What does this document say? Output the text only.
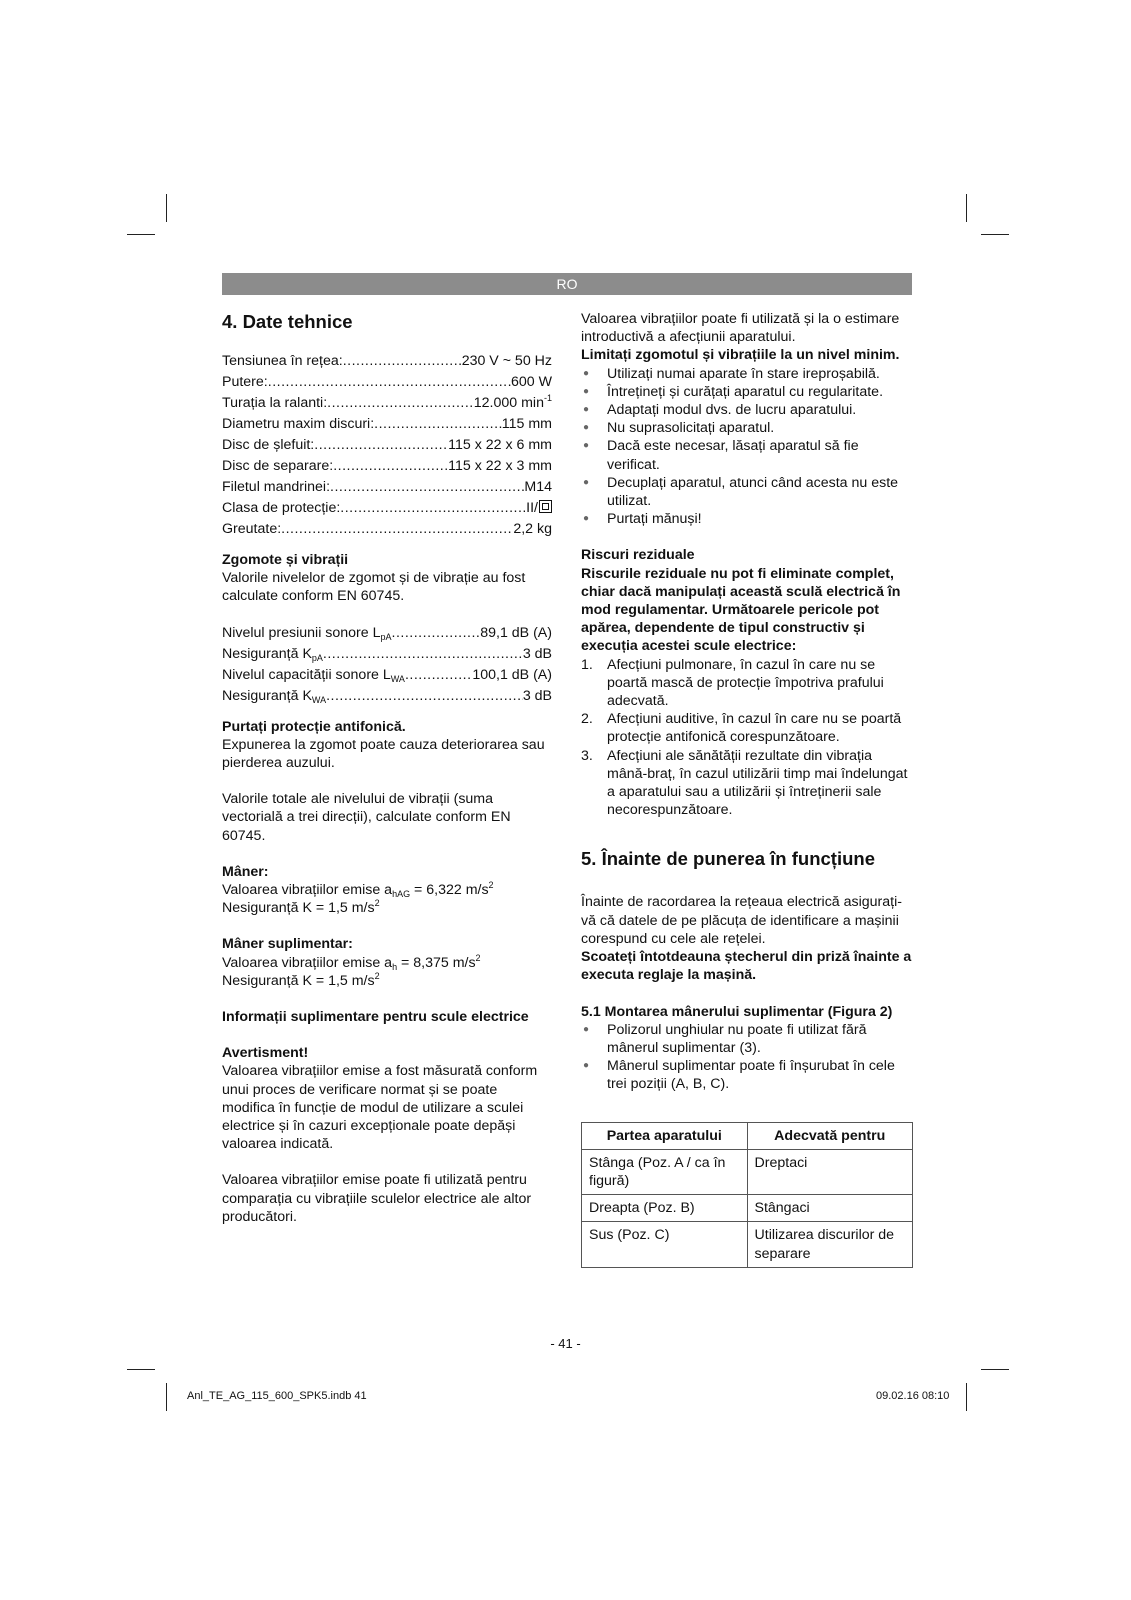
RO
4. Date tehnice
Tensiunea în rețea: .....	230 V ~ 50 Hz
Putere: .....	600 W
Turația la ralanti: .....	12.000 $\min^{-1}$
Diametru maxim discuri: .....	115 mm
Disc de șlefuit: .....	115 x 22 x 6 mm
Disc de separare: .....	115 x 22 x 3 mm
Filetul mandrinei: .....	M14
Clasa de protecție: .....	II/
Greutate: .....	2,2 kg

Zgomote și vibrații

Valorile nivelelor de zgomot și de vibrație au fost calculate conform EN 60745.

Nivelul presiunii sonore $L_{pA}$ .....	89,1 dB (A)
Nesiguranță $K_{pA}$ .....	3 dB
Nivelul capacității sonore $L_{WA}$ .....	100,1 dB (A)
Nesiguranță $K_{WA}$ .....	3 dB

Purtați protecție antifonică.

Expunerea la zgomot poate cauza deteriorarea sau pierderea auzului.

Valorile totale ale nivelului de vibrații (suma vectorială a trei direcții), calculate conform EN 60745.

Mâner:

Valoarea vibrațiilor emise $a_{hAG} = 6,322$ $m/s^2$

Nesiguranță K = 1,5 $m/s^2$

Mâner suplimentar:

Valoarea vibrațiilor emise $a_h = 8,375$ $m/s^2$

Nesiguranță K = 1,5 $m/s^2$

Informații suplimentare pentru scule electrice

Avertisment!

Valoarea vibrațiilor emise a fost măsurată conform unui proces de verificare normat și se poate modifica în funcție de modul de utilizare a sculei electrice și în cazuri excepționale poate depăși valoarea indicată.

Valoarea vibrațiilor emise poate fi utilizată pentru comparația cu vibrațiile sculelor electrice ale altor producători.

Valoarea vibrațiilor poate fi utilizată și la o estimare introductivă a afecțiunii aparatului.

Limitați zgomotul și vibrațiile la un nivel minim.

● Utilizați numai aparate în stare ireproșabilă.
● Întrețineți și curățați aparatul cu regularitate.
● Adaptați modul dvs. de lucru aparatului.
● Nu suprasolicitați aparatul.
● Dacă este necesar, lăsați aparatul să fie verificat.
● Decuplați aparatul, atunci când acesta nu este utilizat.
● Purtați mănuși!

Riscuri reziduale

Riscurile reziduale nu pot fi eliminate complet, chiar dacă manipulați această sculă electrică în mod regulamentar. Următoarele pericole pot apărea, dependente de tipul constructiv și execuția acestei scule electrice:

1. Afecțiuni pulmonare, în cazul în care nu se poartă mască de protecție împotriva prafului adecvată.
2. Afecțiuni auditive, în cazul în care nu se poartă protecție antifonică corespunzătoare.
3. Afecțiuni ale sănătății rezultate din vibrația mână-braț, în cazul utilizării timp mai îndelungat a aparatului sau a utilizării și întreținerii sale necorespunzătoare.
5. Înainte de punerea în funcțiune

Înainte de racordarea la rețeaua electrică asigurați-vă că datele de pe plăcuța de identificare a mașinii corespund cu cele ale rețelei.

Scoateți întotdeauna ștecherul din priză înainte a executa reglaje la mașină.

5.1 Montarea mânerului suplimentar (Figura 2)

● Polizorul unghiular nu poate fi utilizat fără mânerul suplimentar (3).
● Mânerul suplimentar poate fi înșurubat în cele trei poziții (A, B, C).
Partea aparatului	Adecvată pentru
Stânga (Poz. A / ca în figură)	Dreptaci
Dreapta (Poz. B)	Stângaci
Sus (Poz. C)	Utilizarea discurilor de separare
- 41 -
Anl_TE_AG_115_600_SPK5.indb 41	09.02.16 08:10
